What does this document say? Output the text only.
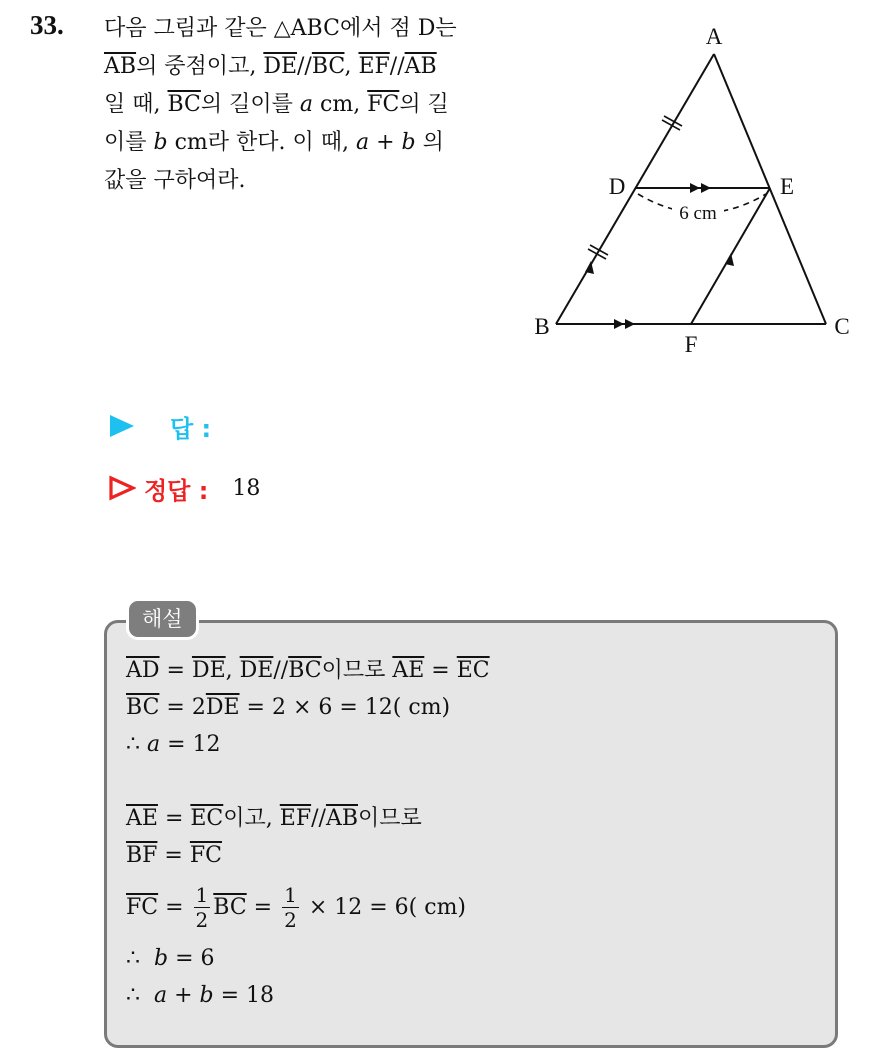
33. 다음 그림과 같은 △ABC에서 점 D는
$\overline{AB}$의 중점이고, $\overline{DE}//\overline{BC}$, $\overline{EF}//\overline{AB}$
일 때, $\overline{BC}$의 길이를 a cm, $\overline{FC}$의 길
이를 b cm라 한다. 이 때, a + b 의
값을 구하여라.
6 cm
A
B	C
D	E
F
답 :
정답 : 18
해설
$\overline{AD} = \overline{DE}$, $\overline{DE}//\overline{BC}$이므로 $\overline{AE} = \overline{EC}$
$\overline{BC} = 2\overline{DE} = 2 \times 6 = 12$( cm)
∴ a = 12
$\overline{AE} = \overline{EC}$이고, $\overline{EF}//\overline{AB}$이므로
$\overline{BF} = \overline{FC}$
$\overline{FC} = \frac{1}{2} \overline{BC} = \frac{1}{2} \times 12 = 6$( cm)
∴  b = 6
∴  a + b = 18
